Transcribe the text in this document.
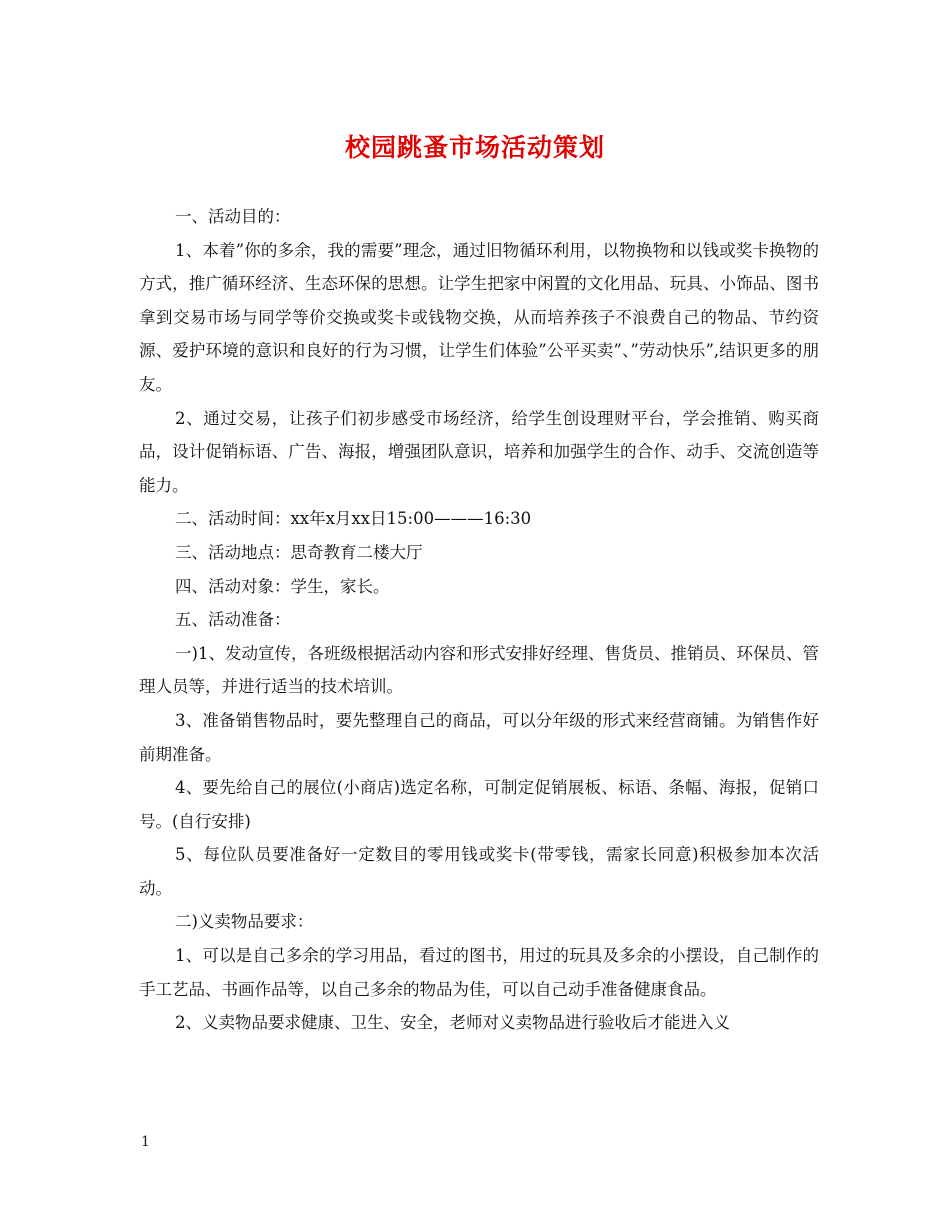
校园跳蚤市场活动策划

一、活动目的：

1、本着”你的多余，我的需要”理念，通过旧物循环利用，以物换物和以钱或奖卡换物的方式，推广循环经济、生态环保的思想。让学生把家中闲置的文化用品、玩具、小饰品、图书拿到交易市场与同学等价交换或奖卡或钱物交换，从而培养孩子不浪费自己的物品、节约资源、爱护环境的意识和良好的行为习惯，让学生们体验”公平买卖”、”劳动快乐”,结识更多的朋友。

2、通过交易，让孩子们初步感受市场经济，给学生创设理财平台，学会推销、购买商品，设计促销标语、广告、海报，增强团队意识，培养和加强学生的合作、动手、交流创造等能力。

二、活动时间：xx年x月xx日15:00———16:30

三、活动地点：思奇教育二楼大厅

四、活动对象：学生，家长。

五、活动准备：

一)1、发动宣传，各班级根据活动内容和形式安排好经理、售货员、推销员、环保员、管理人员等，并进行适当的技术培训。

3、准备销售物品时，要先整理自己的商品，可以分年级的形式来经营商铺。为销售作好前期准备。

4、要先给自己的展位(小商店)选定名称，可制定促销展板、标语、条幅、海报，促销口号。(自行安排)

5、每位队员要准备好一定数目的零用钱或奖卡(带零钱，需家长同意)积极参加本次活动。

二)义卖物品要求：

1、可以是自己多余的学习用品，看过的图书，用过的玩具及多余的小摆设，自己制作的手工艺品、书画作品等，以自己多余的物品为佳，可以自己动手准备健康食品。

2、义卖物品要求健康、卫生、安全，老师对义卖物品进行验收后才能进入义

1
